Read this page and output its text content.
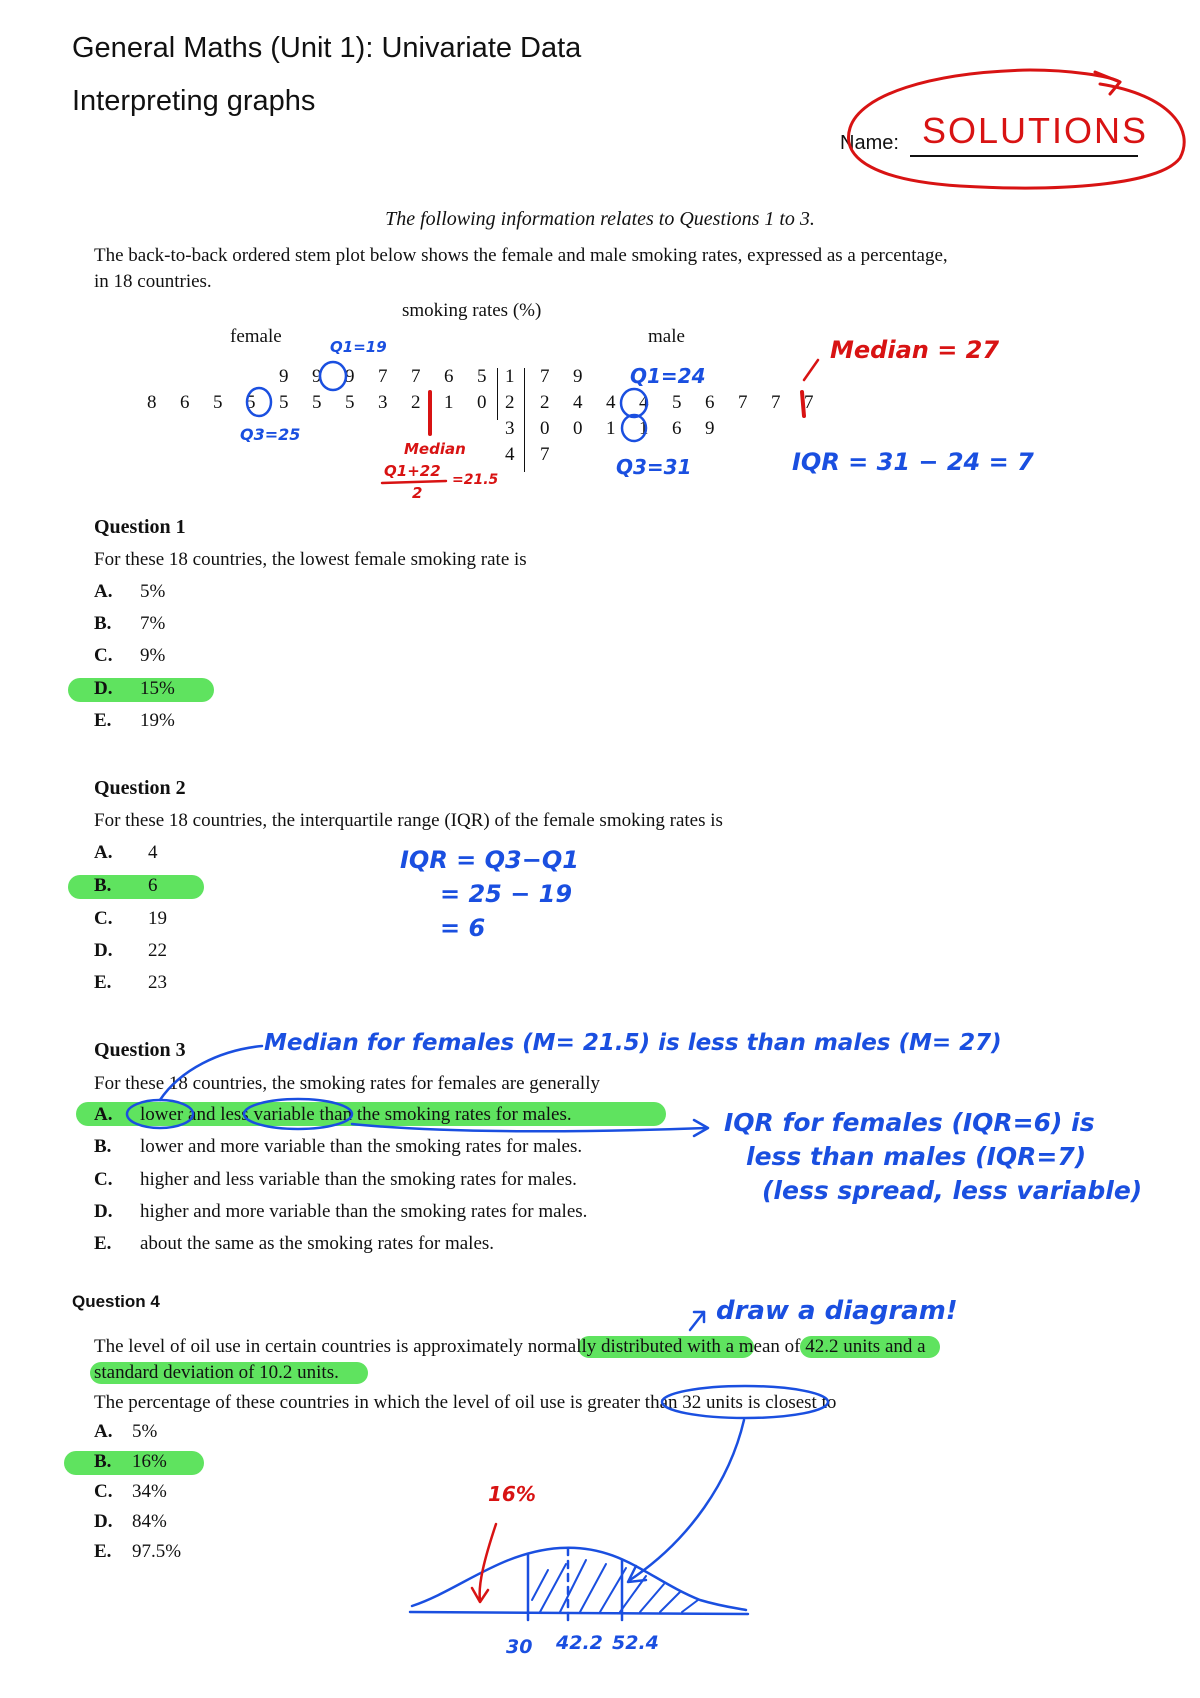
General Maths (Unit 1): Univariate Data
Interpreting graphs
Name: SOLUTIONS
The following information relates to Questions 1 to 3.
The back-to-back ordered stem plot below shows the female and male smoking rates, expressed as a percentage,
in 18 countries.
smoking rates (%)
female	male
9 9 9 7 7 6 5 1 7 9
8 6 5 5 5 5 5 3 2 1 0 2 2 4 4 4 5 6 7 7 7
3 0 0 1 1 6 9
4 7
Q1=19
Q3=25
Median
Q1+22
2
=21.5
Q1=24
Q3=31
Median = 27
IQR = 31 − 24 = 7
Question 1
For these 18 countries, the lowest female smoking rate is
A. 5%
B. 7%
C. 9%
D. 15%
E. 19%
Question 2
For these 18 countries, the interquartile range (IQR) of the female smoking rates is
A. 4
B. 6
C. 19
D. 22
E. 23
IQR = Q3−Q1
= 25 − 19
= 6
Question 3
For these 18 countries, the smoking rates for females are generally
A. lower and less variable than the smoking rates for males.
B. lower and more variable than the smoking rates for males.
C. higher and less variable than the smoking rates for males.
D. higher and more variable than the smoking rates for males.
E. about the same as the smoking rates for males.
Median for females (M= 21.5) is less than males (M= 27)
IQR for females (IQR=6) is
less than males (IQR=7)
(less spread, less variable)
Question 4
The level of oil use in certain countries is approximately normally distributed with a mean of 42.2 units and a
standard deviation of 10.2 units.
The percentage of these countries in which the level of oil use is greater than 32 units is closest to
A. 5%
B. 16%
C. 34%
D. 84%
E. 97.5%
draw a diagram!
16%
30 42.2 52.4
